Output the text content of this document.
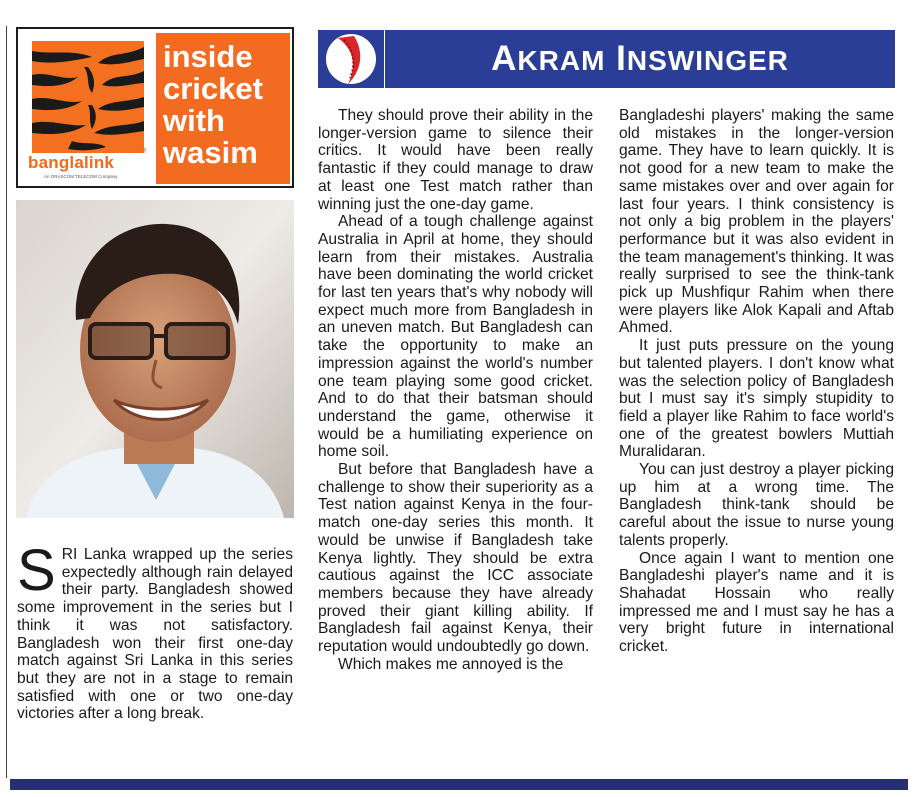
banglalink
TM
An ORASCOM TELECOM Company
inside
cricket
with
wasim
AKRAM INSWINGER

SRI Lanka wrapped up the series expectedly although rain delayed their party. Bangladesh showed some improvement in the series but I think it was not satisfactory. Bangladesh won their first one-day match against Sri Lanka in this series but they are not in a stage to remain satisfied with one or two one-day victories after a long break.

They should prove their ability in the longer-version game to silence their critics. It would have been really fantastic if they could manage to draw at least one Test match rather than winning just the one-day game.

Ahead of a tough challenge against Australia in April at home, they should learn from their mistakes. Australia have been dominating the world cricket for last ten years that's why nobody will expect much more from Bangladesh in an uneven match. But Bangladesh can take the opportunity to make an impression against the world's number one team playing some good cricket. And to do that their batsman should understand the game, otherwise it would be a humiliating experience on home soil.

But before that Bangladesh have a challenge to show their superiority as a Test nation against Kenya in the four-match one-day series this month. It would be unwise if Bangladesh take Kenya lightly. They should be extra cautious against the ICC associate members because they have already proved their giant killing ability. If Bangladesh fail against Kenya, their reputation would undoubtedly go down.

Which makes me annoyed is the

Bangladeshi players' making the same old mistakes in the longer-version game. They have to learn quickly. It is not good for a new team to make the same mistakes over and over again for last four years. I think consistency is not only a big problem in the players' performance but it was also evident in the team management's thinking. It was really surprised to see the think-tank pick up Mushfiqur Rahim when there were players like Alok Kapali and Aftab Ahmed.

It just puts pressure on the young but talented players. I don't know what was the selection policy of Bangladesh but I must say it's simply stupidity to field a player like Rahim to face world's one of the greatest bowlers Muttiah Muralidaran.

You can just destroy a player picking up him at a wrong time. The Bangladesh think-tank should be careful about the issue to nurse young talents properly.

Once again I want to mention one Bangladeshi player's name and it is Shahadat Hossain who really impressed me and I must say he has a very bright future in international cricket.
